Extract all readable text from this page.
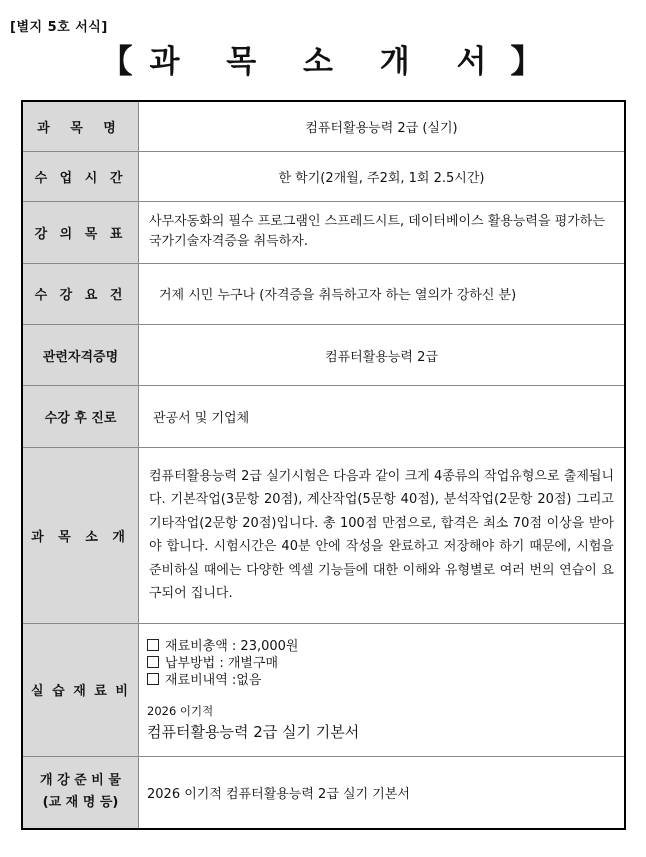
[별지 5호 서식]
【 과 목 소 개 서 】
과 목 명	컴퓨터활용능력 2급 (실기)
수 업 시 간	한 학기(2개월, 주2회, 1회 2.5시간)
강 의 목 표	사무자동화의 필수 프로그램인 스프레드시트, 데이터베이스 활용능력을 평가하는 국가기술자격증을 취득하자.
수 강 요 건	거제 시민 누구나 (자격증을 취득하고자 하는 열의가 강하신 분)
관련자격증명	컴퓨터활용능력 2급
수강 후 진로	관공서 및 기업체
과 목 소 개	컴퓨터활용능력 2급 실기시험은 다음과 같이 크게 4종류의 작업유형으로 출제됩니다. 기본작업(3문항 20점), 계산작업(5문항 40점), 분석작업(2문항 20점) 그리고 기타작업(2문항 20점)입니다. 총 100점 만점으로, 합격은 최소 70점 이상을 받아야 합니다. 시험시간은 40분 안에 작성을 완료하고 저장해야 하기 때문에, 시험을 준비하실 때에는 다양한 엑셀 기능들에 대한 이해와 유형별로 여러 번의 연습이 요구되어 집니다.
실 습 재 료 비	재료비총액 : 23,000원
납부방법 : 개별구매
재료비내역 :없음
2026 이기적
컴퓨터활용능력 2급 실기 기본서

개 강 준 비 물
(교 재 명 등)	2026 이기적 컴퓨터활용능력 2급 실기 기본서
